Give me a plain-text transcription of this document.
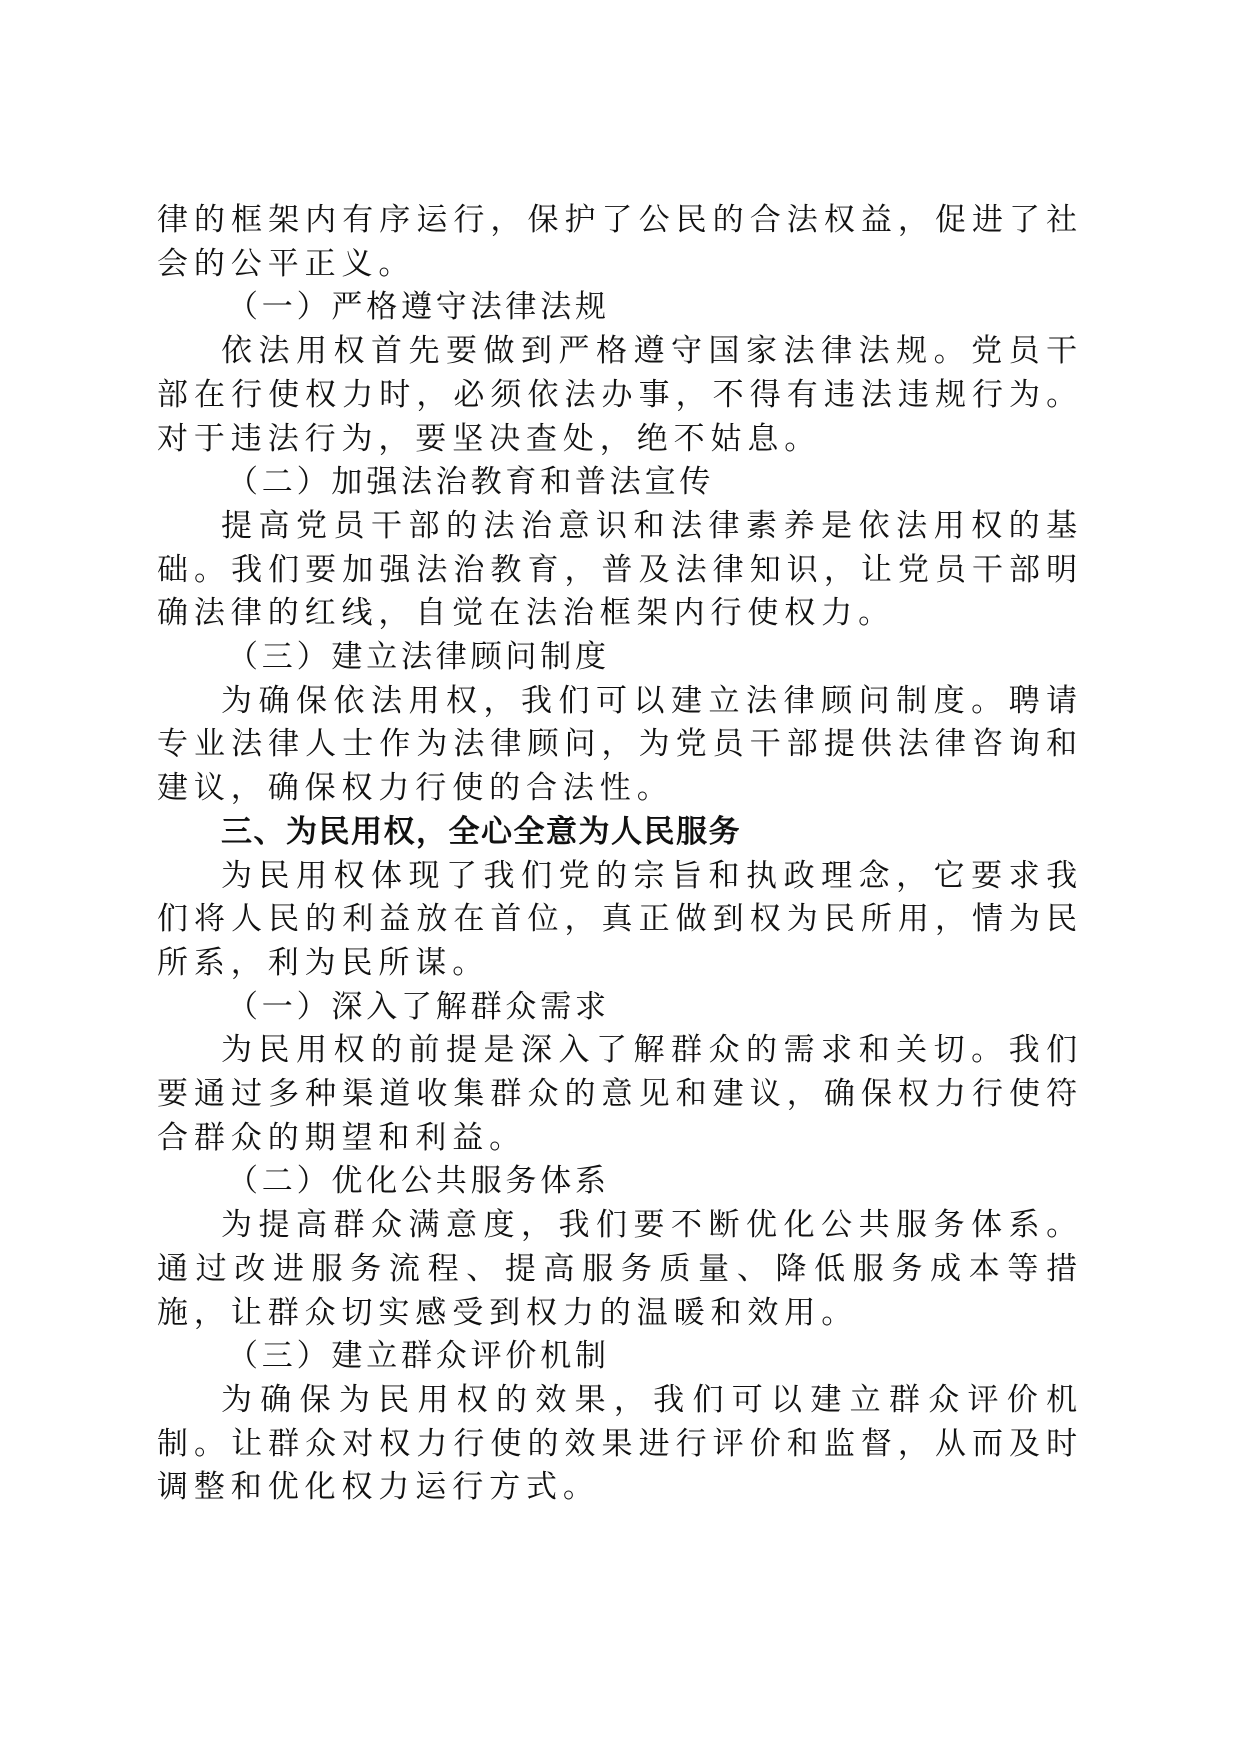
律的框架内有序运行，保护了公民的合法权益，促进了社会的公平正义。

（一）严格遵守法律法规

依法用权首先要做到严格遵守国家法律法规。党员干部在行使权力时，必须依法办事，不得有违法违规行为。对于违法行为，要坚决查处，绝不姑息。

（二）加强法治教育和普法宣传

提高党员干部的法治意识和法律素养是依法用权的基础。我们要加强法治教育，普及法律知识，让党员干部明确法律的红线，自觉在法治框架内行使权力。

（三）建立法律顾问制度

为确保依法用权，我们可以建立法律顾问制度。聘请专业法律人士作为法律顾问，为党员干部提供法律咨询和建议，确保权力行使的合法性。

三、为民用权，全心全意为人民服务

为民用权体现了我们党的宗旨和执政理念，它要求我们将人民的利益放在首位，真正做到权为民所用，情为民所系，利为民所谋。

（一）深入了解群众需求

为民用权的前提是深入了解群众的需求和关切。我们要通过多种渠道收集群众的意见和建议，确保权力行使符合群众的期望和利益。

（二）优化公共服务体系

为提高群众满意度，我们要不断优化公共服务体系。通过改进服务流程、提高服务质量、降低服务成本等措施，让群众切实感受到权力的温暖和效用。

（三）建立群众评价机制

为确保为民用权的效果，我们可以建立群众评价机制。让群众对权力行使的效果进行评价和监督，从而及时调整和优化权力运行方式。
